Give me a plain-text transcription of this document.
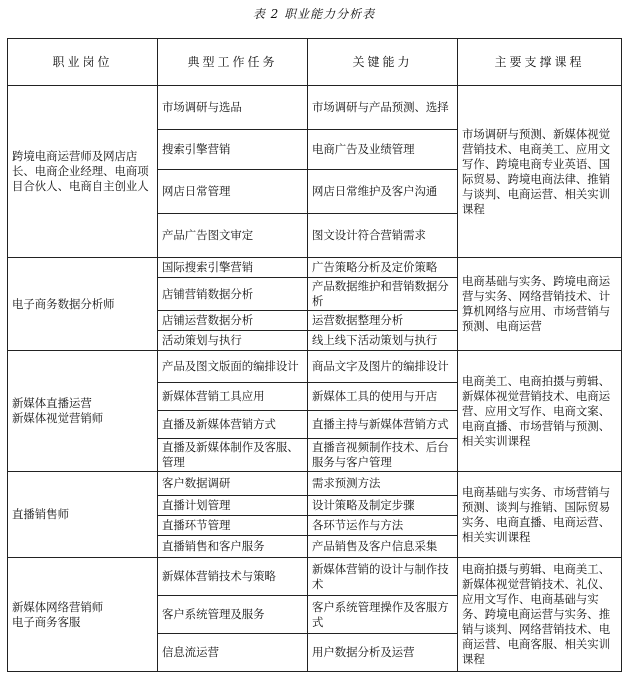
表 2 职业能力分析表
职业岗位	典型工作任务	关键能力	主要支撑课程

跨境电商运营师及网店店长、电商企业经理、电商项目合伙人、电商自主创业人	市场调研与选品	市场调研与产品预测、选择	市场调研与预测、新媒体视觉营销技术、电商美工、应用文写作、跨境电商专业英语、国际贸易、跨境电商法律、推销与谈判、电商运营、相关实训课程
	搜索引擎营销	电商广告及业绩管理	
	网店日常管理	网店日常维护及客户沟通	
	产品广告图文审定	图文设计符合营销需求	

电子商务数据分析师	国际搜索引擎营销	广告策略分析及定价策略	电商基础与实务、跨境电商运营与实务、网络营销技术、计算机网络与应用、市场营销与预测、电商运营
	店铺营销数据分析	产品数据维护和营销数据分析	
	店铺运营数据分析	运营数据整理分析	
	活动策划与执行	线上线下活动策划与执行	

新媒体直播运营
新媒体视觉营销师	产品及图文版面的编排设计	商品文字及图片的编排设计	电商美工、电商拍摄与剪辑、新媒体视觉营销技术、电商运营、应用文写作、电商文案、电商直播、市场营销与预测、相关实训课程
	新媒体营销工具应用	新媒体工具的使用与开店	
	直播及新媒体营销方式	直播主持与新媒体营销方式	
	直播及新媒体制作及客服、管理	直播音视频制作技术、后台服务与客户管理	

直播销售师	客户数据调研	需求预测方法	电商基础与实务、市场营销与预测、谈判与推销、国际贸易实务、电商直播、电商运营、相关实训课程
	直播计划管理	设计策略及制定步骤	
	直播环节管理	各环节运作与方法	
	直播销售和客户服务	产品销售及客户信息采集	

新媒体网络营销师
电子商务客服	新媒体营销技术与策略	新媒体营销的设计与制作技术	电商拍摄与剪辑、电商美工、新媒体视觉营销技术、礼仪、应用文写作、电商基础与实务、跨境电商运营与实务、推销与谈判、网络营销技术、电商运营、电商客服、相关实训课程
	客户系统管理及服务	客户系统管理操作及客服方式	
	信息流运营	用户数据分析及运营	
